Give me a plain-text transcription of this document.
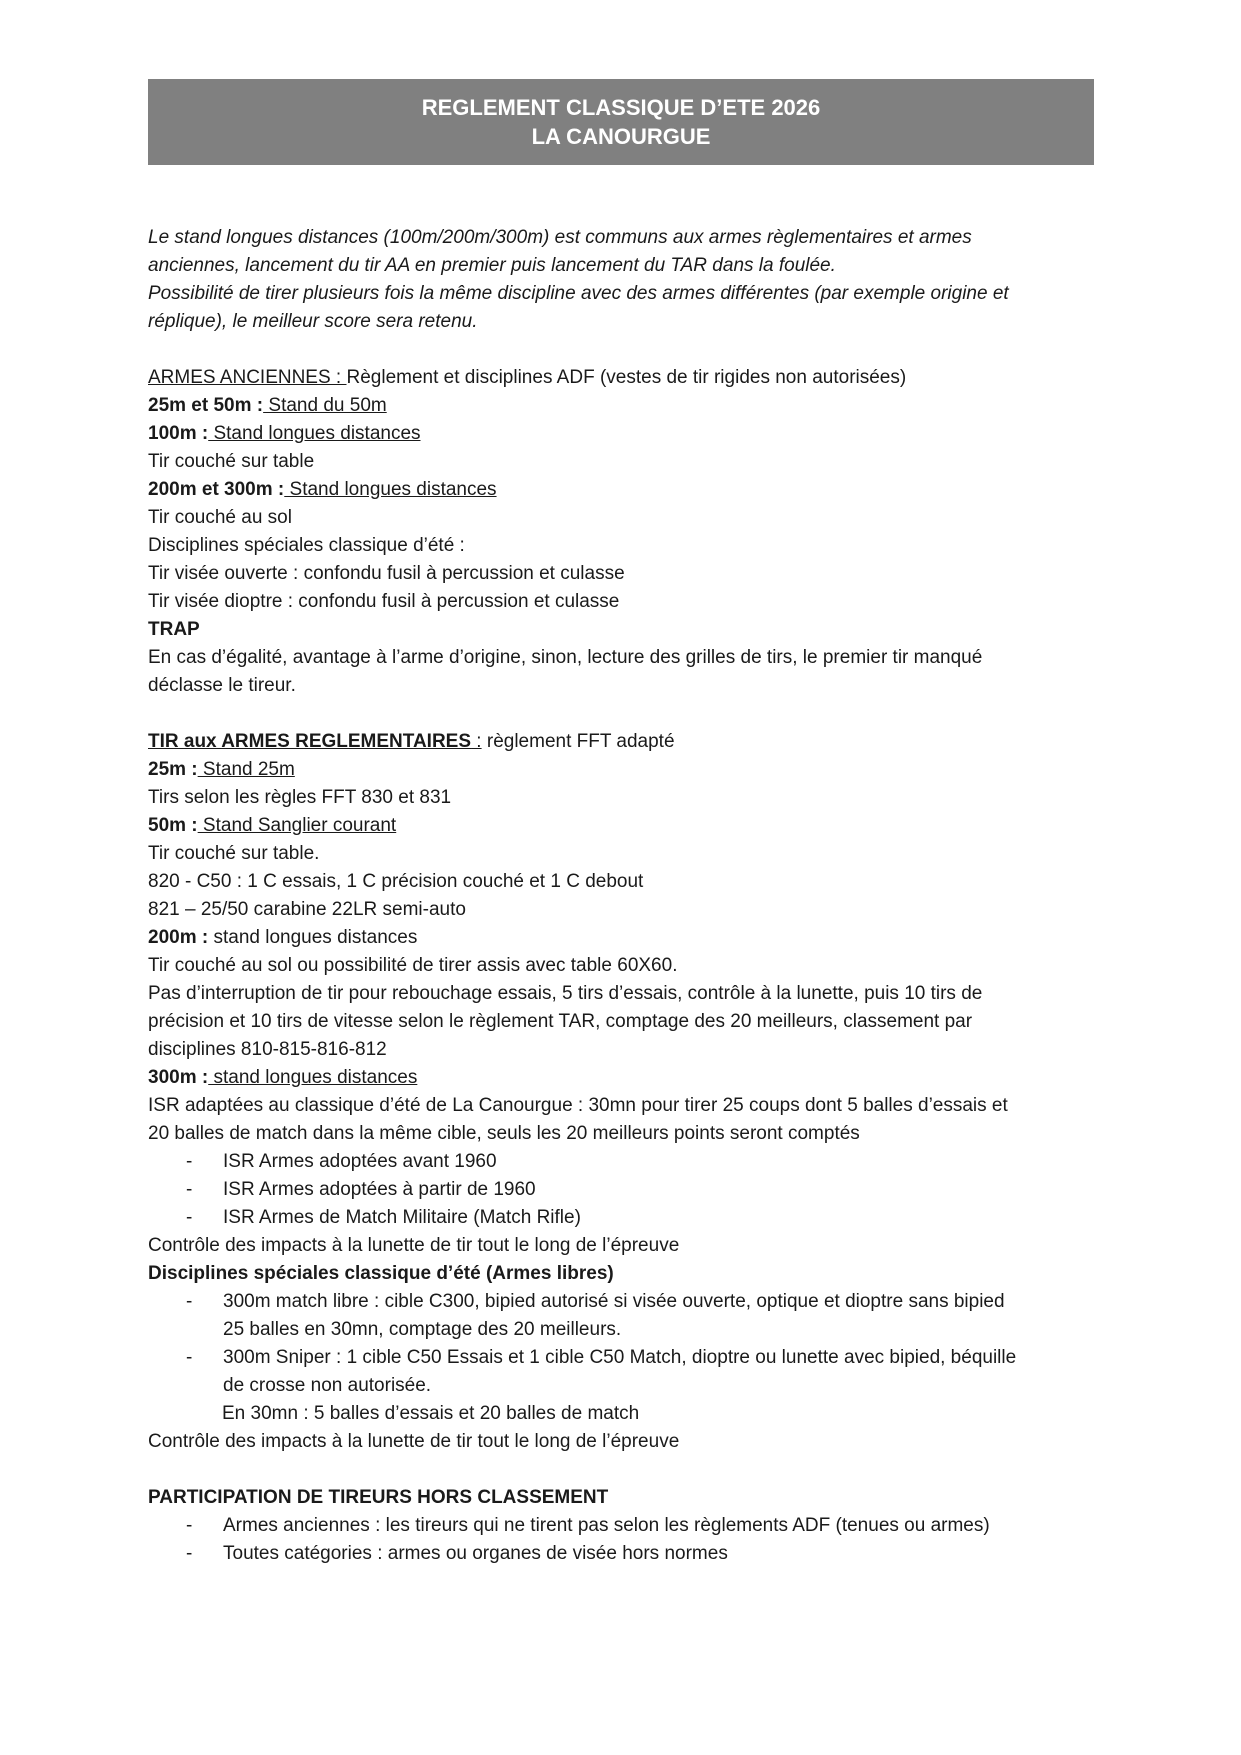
REGLEMENT CLASSIQUE D’ETE 2026
LA CANOURGUE
Le stand longues distances (100m/200m/300m) est communs aux armes règlementaires et armes
anciennes, lancement du tir AA en premier puis lancement du TAR dans la foulée.
Possibilité de tirer plusieurs fois la même discipline avec des armes différentes (par exemple origine et
réplique), le meilleur score sera retenu.
ARMES ANCIENNES : Règlement et disciplines ADF (vestes de tir rigides non autorisées)
25m et 50m : Stand du 50m
100m : Stand longues distances
Tir couché sur table
200m et 300m : Stand longues distances
Tir couché au sol
Disciplines spéciales classique d’été :
Tir visée ouverte : confondu fusil à percussion et culasse
Tir visée dioptre : confondu fusil à percussion et culasse
TRAP
En cas d’égalité, avantage à l’arme d’origine, sinon, lecture des grilles de tirs, le premier tir manqué
déclasse le tireur.
TIR aux ARMES REGLEMENTAIRES : règlement FFT adapté
25m : Stand 25m
Tirs selon les règles FFT 830 et 831
50m : Stand Sanglier courant
Tir couché sur table.
820 - C50 : 1 C essais, 1 C précision couché et 1 C debout
821 – 25/50 carabine 22LR semi-auto
200m : stand longues distances
Tir couché au sol ou possibilité de tirer assis avec table 60X60.
Pas d’interruption de tir pour rebouchage essais, 5 tirs d’essais, contrôle à la lunette, puis 10 tirs de
précision et 10 tirs de vitesse selon le règlement TAR, comptage des 20 meilleurs, classement par
disciplines 810-815-816-812
300m : stand longues distances
ISR adaptées au classique d’été de La Canourgue : 30mn pour tirer 25 coups dont 5 balles d’essais et
20 balles de match dans la même cible, seuls les 20 meilleurs points seront comptés
- ISR Armes adoptées avant 1960
- ISR Armes adoptées à partir de 1960
- ISR Armes de Match Militaire (Match Rifle)
Contrôle des impacts à la lunette de tir tout le long de l’épreuve
Disciplines spéciales classique d’été (Armes libres)
- 300m match libre : cible C300, bipied autorisé si visée ouverte, optique et dioptre sans bipied
25 balles en 30mn, comptage des 20 meilleurs.
- 300m Sniper : 1 cible C50 Essais et 1 cible C50 Match, dioptre ou lunette avec bipied, béquille
de crosse non autorisée.
En 30mn : 5 balles d’essais et 20 balles de match
Contrôle des impacts à la lunette de tir tout le long de l’épreuve
PARTICIPATION DE TIREURS HORS CLASSEMENT
- Armes anciennes : les tireurs qui ne tirent pas selon les règlements ADF (tenues ou armes)
- Toutes catégories : armes ou organes de visée hors normes
